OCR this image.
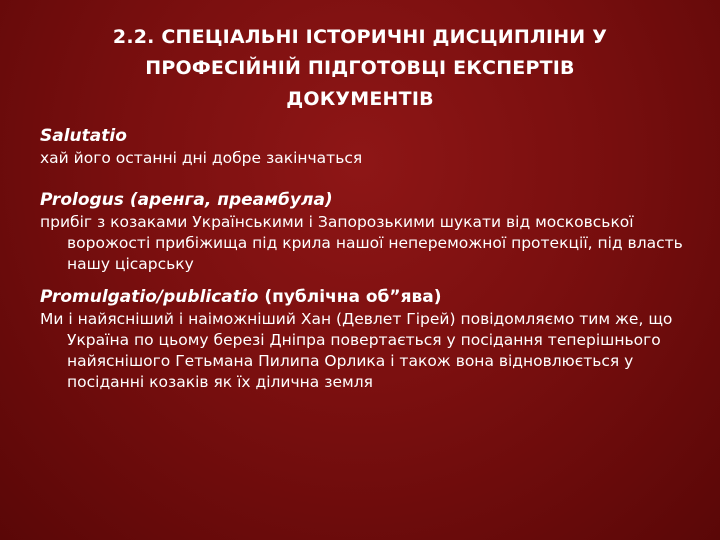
2.2. СПЕЦІАЛЬНІ ІСТОРИЧНІ ДИСЦИПЛІНИ У
ПРОФЕСІЙНІЙ ПІДГОТОВЦІ ЕКСПЕРТІВ
ДОКУМЕНТІВ

Salutatio

хай його останні дні добре закінчаться

Prologus (аренга, преамбула)

прибіг з козаками Українськими і Запорозькими шукати від московської ворожості прибіжища під крила нашої непереможної протекції, під власть нашу цісарську

Promulgatio/publicatio (публічна об”ява)

Ми і найясніший і наіможніший Хан (Девлет Гірей) повідомляємо тим же, що Україна по цьому березі Дніпра повертається у посідання теперішнього найяснішого Гетьмана Пилипа Орлика і також вона відновлюється у посіданні козаків як їх ділична земля
